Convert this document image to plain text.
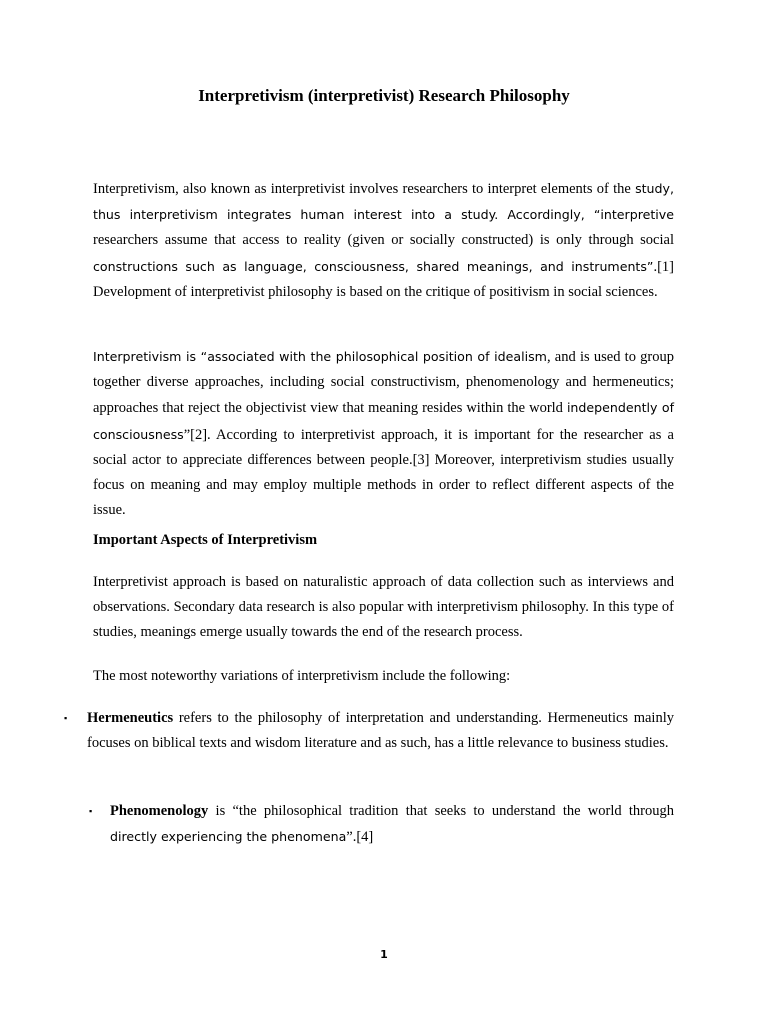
Interpretivism (interpretivist) Research Philosophy

Interpretivism, also known as interpretivist involves researchers to interpret elements of the study, thus interpretivism integrates human interest into a study. Accordingly, “interpretive researchers assume that access to reality (given or socially constructed) is only through social constructions such as language, consciousness, shared meanings, and instruments”.[1] Development of interpretivist philosophy is based on the critique of positivism in social sciences.

Interpretivism is “associated with the philosophical position of idealism, and is used to group together diverse approaches, including social constructivism, phenomenology and hermeneutics; approaches that reject the objectivist view that meaning resides within the world independently of consciousness”[2]. According to interpretivist approach, it is important for the researcher as a social actor to appreciate differences between people.[3] Moreover, interpretivism studies usually focus on meaning and may employ multiple methods in order to reflect different aspects of the issue.

Important Aspects of Interpretivism

Interpretivist approach is based on naturalistic approach of data collection such as interviews and observations. Secondary data research is also popular with interpretivism philosophy. In this type of studies, meanings emerge usually towards the end of the research process.

The most noteworthy variations of interpretivism include the following:

▪ Hermeneutics refers to the philosophy of interpretation and understanding. Hermeneutics mainly focuses on biblical texts and wisdom literature and as such, has a little relevance to business studies.

▪ Phenomenology is “the philosophical tradition that seeks to understand the world through directly experiencing the phenomena”.[4]

1
